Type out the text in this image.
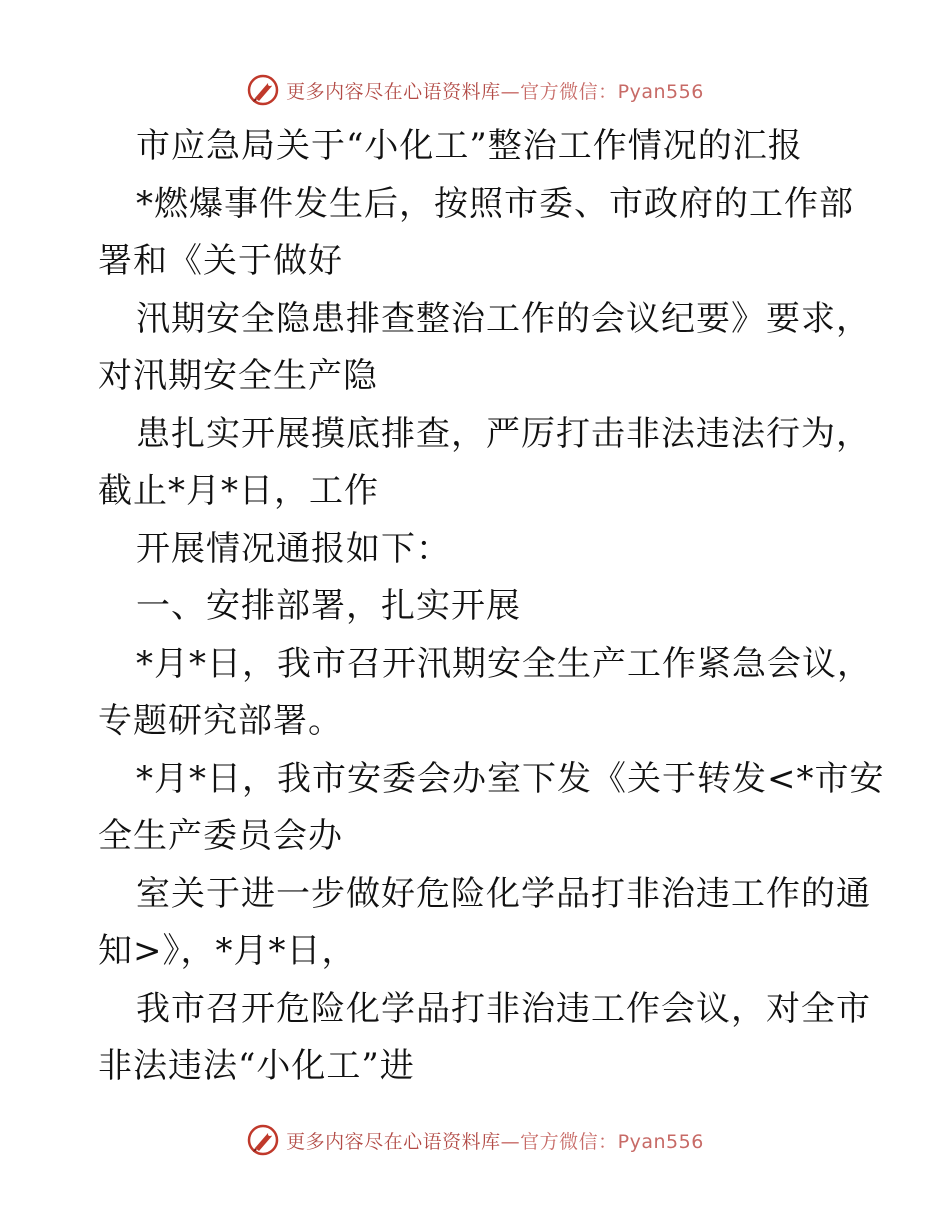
更多内容尽在心语资料库—官方微信：Pyan556
市应急局关于“小化工”整治工作情况的汇报
*燃爆事件发生后，按照市委、市政府的工作部
署和《关于做好
汛期安全隐患排查整治工作的会议纪要》要求，
对汛期安全生产隐
患扎实开展摸底排查，严厉打击非法违法行为，
截止*月*日，工作
开展情况通报如下：
一、安排部署，扎实开展
*月*日，我市召开汛期安全生产工作紧急会议，
专题研究部署。
*月*日，我市安委会办室下发《关于转发<*市安
全生产委员会办
室关于进一步做好危险化学品打非治违工作的通
知>》，*月*日，
我市召开危险化学品打非治违工作会议，对全市
非法违法“小化工”进
更多内容尽在心语资料库—官方微信：Pyan556
